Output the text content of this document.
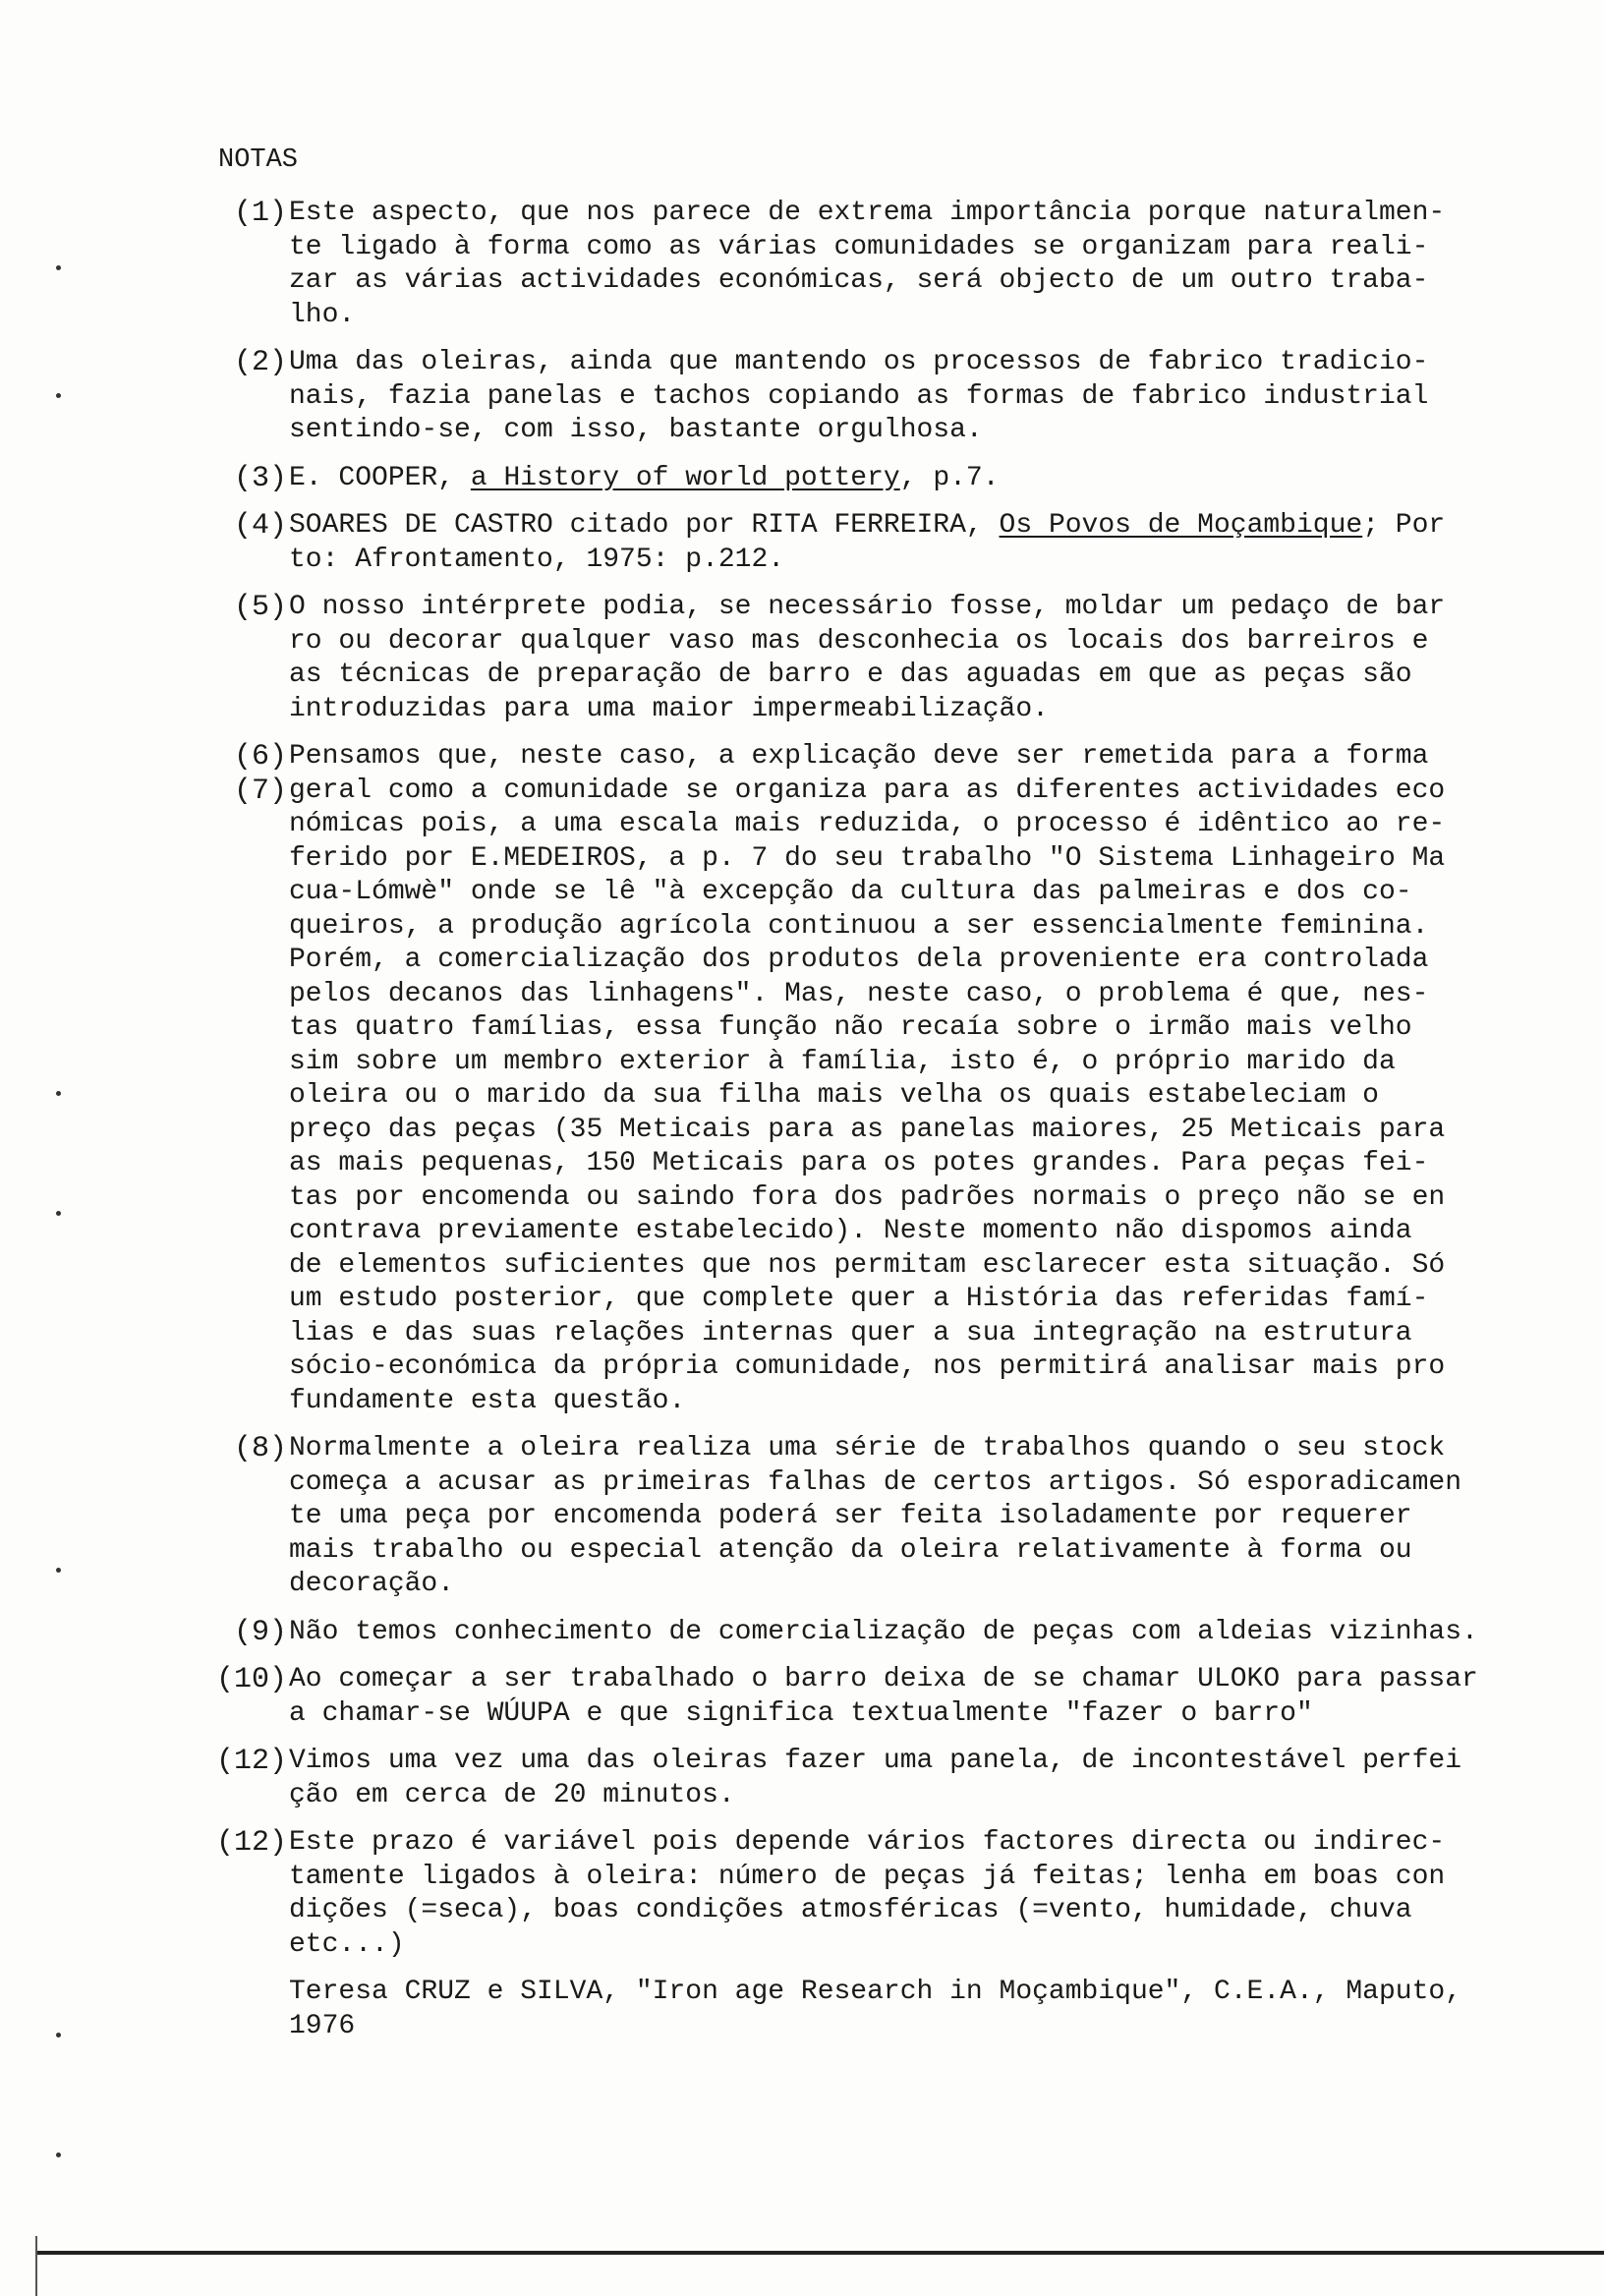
NOTAS
(1) Este aspecto, que nos parece de extrema importância porque naturalmen-
te ligado à forma como as várias comunidades se organizam para reali-
zar as várias actividades económicas, será objecto de um outro traba-
lho.
(2) Uma das oleiras, ainda que mantendo os processos de fabrico tradicio-
nais, fazia panelas e tachos copiando as formas de fabrico industrial
sentindo-se, com isso, bastante orgulhosa.
(3) E. COOPER, a History of world pottery, p.7.
(4) SOARES DE CASTRO citado por RITA FERREIRA, Os Povos de Moçambique; Por
to: Afrontamento, 1975: p.212.
(5) O nosso intérprete podia, se necessário fosse, moldar um pedaço de bar
ro ou decorar qualquer vaso mas desconhecia os locais dos barreiros e
as técnicas de preparação de barro e das aguadas em que as peças são
introduzidas para uma maior impermeabilização.
(6) Pensamos que, neste caso, a explicação deve ser remetida para a forma
(7) geral como a comunidade se organiza para as diferentes actividades eco
nómicas pois, a uma escala mais reduzida, o processo é idêntico ao re-
ferido por E.MEDEIROS, a p. 7 do seu trabalho "O Sistema Linhageiro Ma
cua-Lómwè" onde se lê "à excepção da cultura das palmeiras e dos co-
queiros, a produção agrícola continuou a ser essencialmente feminina.
Porém, a comercialização dos produtos dela proveniente era controlada
pelos decanos das linhagens". Mas, neste caso, o problema é que, nes-
tas quatro famílias, essa função não recaía sobre o irmão mais velho
sim sobre um membro exterior à família, isto é, o próprio marido da
oleira ou o marido da sua filha mais velha os quais estabeleciam o
preço das peças (35 Meticais para as panelas maiores, 25 Meticais para
as mais pequenas, 150 Meticais para os potes grandes. Para peças fei-
tas por encomenda ou saindo fora dos padrões normais o preço não se en
contrava previamente estabelecido). Neste momento não dispomos ainda
de elementos suficientes que nos permitam esclarecer esta situação. Só
um estudo posterior, que complete quer a História das referidas famí-
lias e das suas relações internas quer a sua integração na estrutura
sócio-económica da própria comunidade, nos permitirá analisar mais pro
fundamente esta questão.
(8) Normalmente a oleira realiza uma série de trabalhos quando o seu stock
começa a acusar as primeiras falhas de certos artigos. Só esporadicamen
te uma peça por encomenda poderá ser feita isoladamente por requerer
mais trabalho ou especial atenção da oleira relativamente à forma ou
decoração.
(9) Não temos conhecimento de comercialização de peças com aldeias vizinhas.
(10) Ao começar a ser trabalhado o barro deixa de se chamar ULOKO para passar
a chamar-se WÚUPA e que significa textualmente "fazer o barro"
(12) Vimos uma vez uma das oleiras fazer uma panela, de incontestável perfei
ção em cerca de 20 minutos.
(12) Este prazo é variável pois depende vários factores directa ou indirec-
tamente ligados à oleira: número de peças já feitas; lenha em boas con
dições (=seca), boas condições atmosféricas (=vento, humidade, chuva
etc...)
Teresa CRUZ e SILVA, "Iron age Research in Moçambique", C.E.A., Maputo,
1976
